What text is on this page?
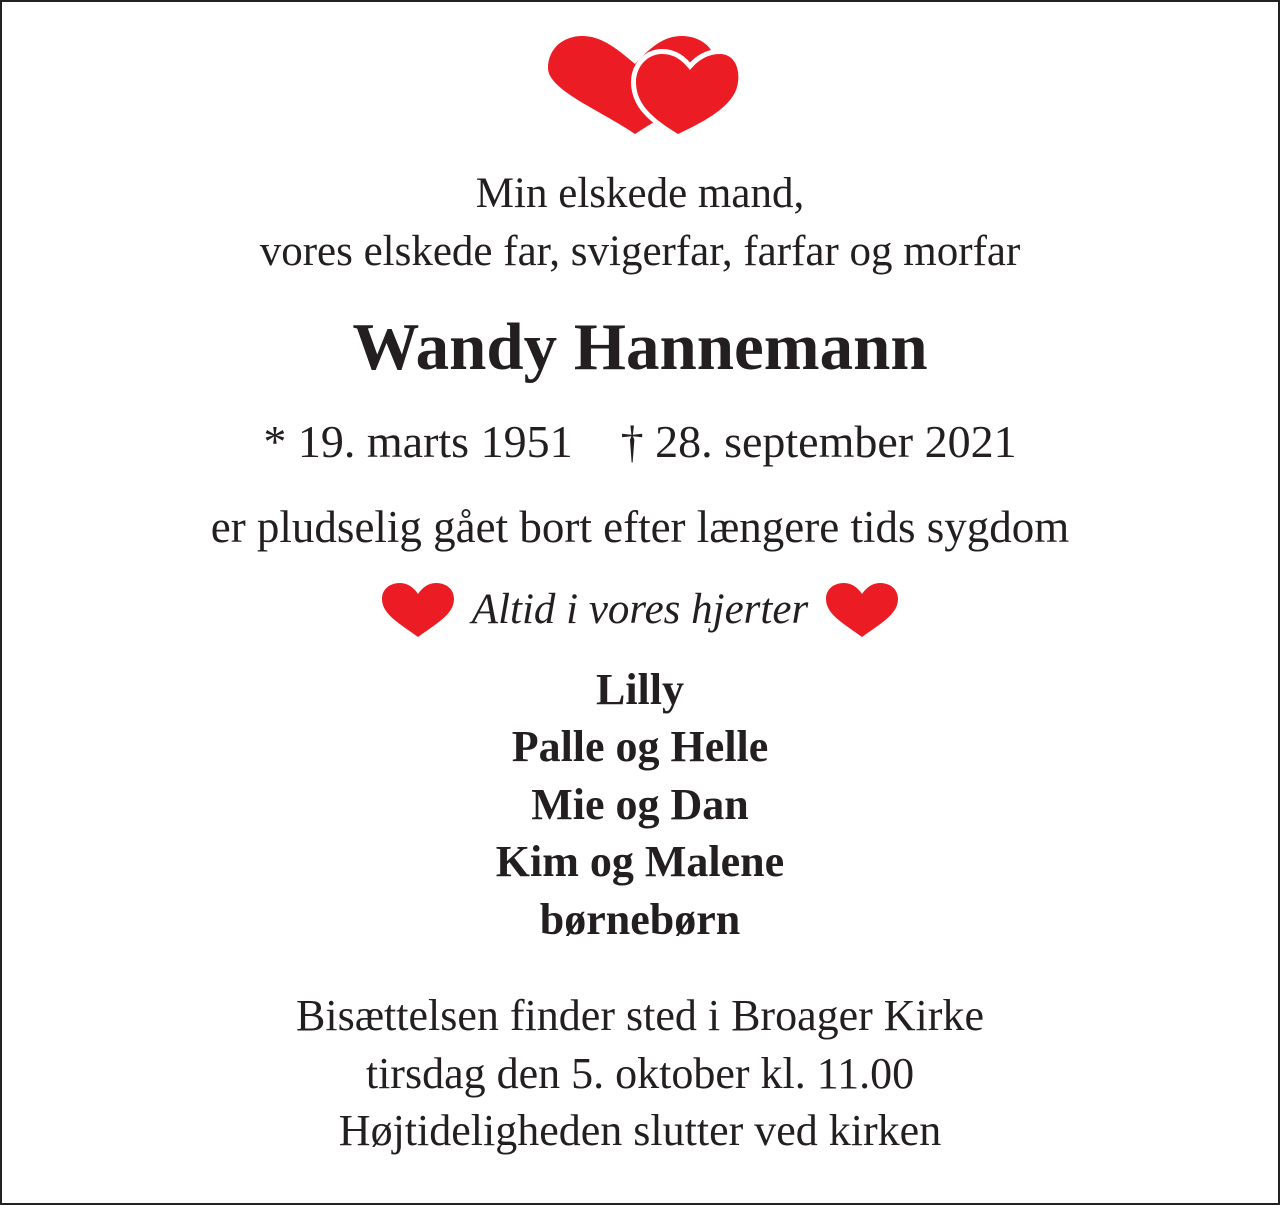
Min elskede mand,
vores elskede far, svigerfar, farfar og morfar
Wandy Hannemann
* 19. marts 1951 † 28. september 2021
er pludselig gået bort efter længere tids sygdom
Altid i vores hjerter
Lilly
Palle og Helle
Mie og Dan
Kim og Malene
børnebørn
Bisættelsen finder sted i Broager Kirke
tirsdag den 5. oktober kl. 11.00
Højtideligheden slutter ved kirken
